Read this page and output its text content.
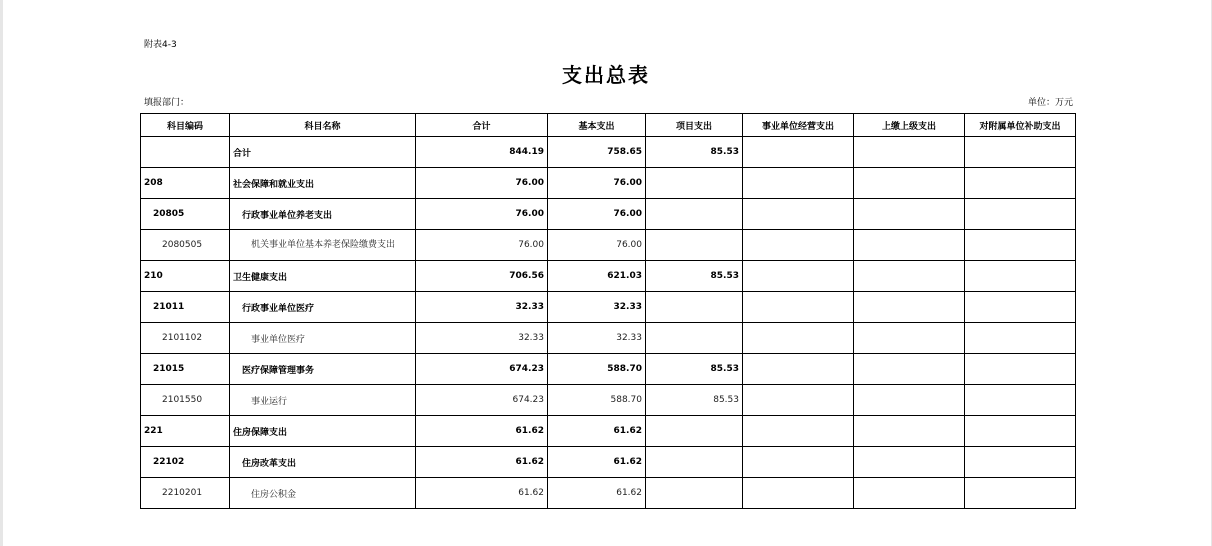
附表4-3
支出总表
填报部门：	单位：万元
科目编码	科目名称	合计	基本支出	项目支出	事业单位经营支出	上缴上级支出	对附属单位补助支出
	合计	844.19	758.65	85.53			
208	社会保障和就业支出	76.00	76.00				
20805	行政事业单位养老支出	76.00	76.00				
2080505	机关事业单位基本养老保险缴费支出	76.00	76.00				
210	卫生健康支出	706.56	621.03	85.53			
21011	行政事业单位医疗	32.33	32.33				
2101102	事业单位医疗	32.33	32.33				
21015	医疗保障管理事务	674.23	588.70	85.53			
2101550	事业运行	674.23	588.70	85.53			
221	住房保障支出	61.62	61.62				
22102	住房改革支出	61.62	61.62				
2210201	住房公积金	61.62	61.62				
